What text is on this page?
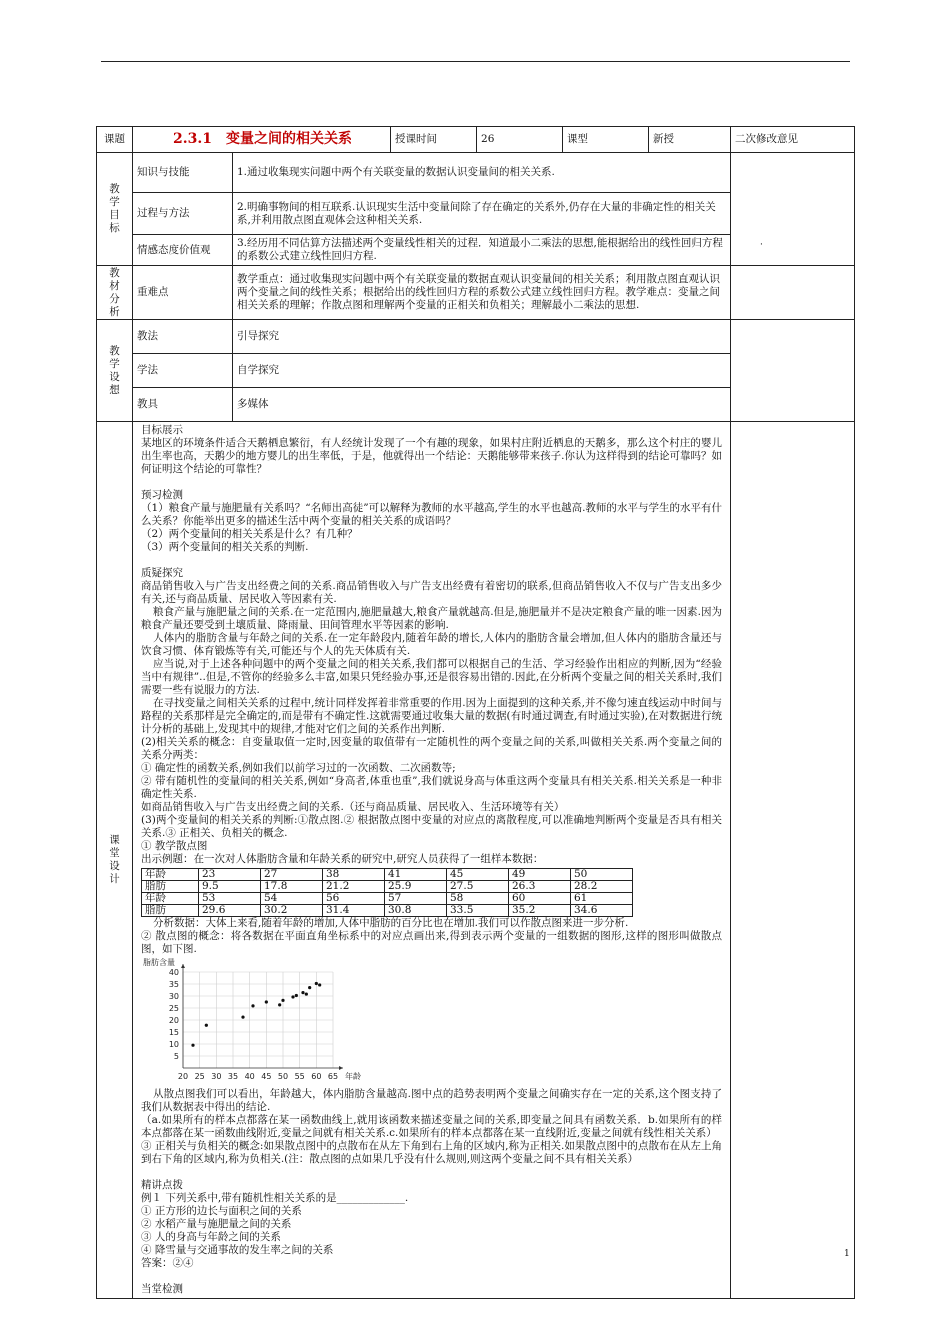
·
课题	2.3.1　变量之间的相关关系	授课时间	26	课型	新授	二次修改意见

教
学
目
标
	知识与技能	1.通过收集现实问题中两个有关联变量的数据认识变量间的相关关系.	
过程与方法	2.明确事物间的相互联系.认识现实生活中变量间除了存在确定的关系外,仍存在大量的非确定性的相关关系,并利用散点图直观体会这种相关关系.
情感态度价值观	3.经历用不同估算方法描述两个变量线性相关的过程．知道最小二乘法的思想,能根据给出的线性回归方程的系数公式建立线性回归方程.

教
材
分
析
	重难点	教学重点：通过收集现实问题中两个有关联变量的数据直观认识变量间的相关关系；利用散点图直观认识两个变量之间的线性关系；根据给出的线性回归方程的系数公式建立线性回归方程。教学难点：变量之间相关关系的理解；作散点图和理解两个变量的正相关和负相关；理解最小二乘法的思想.	

教
学
设
想
	教法	引导探究	
学法	自学探究
教具	多媒体

课
堂
设
计

目标展示

某地区的环境条件适合天鹅栖息繁衍，有人经统计发现了一个有趣的现象，如果村庄附近栖息的天鹅多，那么这个村庄的婴儿出生率也高，天鹅少的地方婴儿的出生率低，于是，他就得出一个结论：天鹅能够带来孩子.你认为这样得到的结论可靠吗？如何证明这个结论的可靠性？

预习检测

（1）粮食产量与施肥量有关系吗？“名师出高徒”可以解释为教师的水平越高,学生的水平也越高.教师的水平与学生的水平有什么关系？你能举出更多的描述生活中两个变量的相关关系的成语吗？

（2）两个变量间的相关关系是什么？有几种？

（3）两个变量间的相关关系的判断.

质疑探究

商品销售收入与广告支出经费之间的关系.商品销售收入与广告支出经费有着密切的联系,但商品销售收入不仅与广告支出多少有关,还与商品质量、居民收入等因素有关.

粮食产量与施肥量之间的关系.在一定范围内,施肥量越大,粮食产量就越高.但是,施肥量并不是决定粮食产量的唯一因素.因为粮食产量还要受到土壤质量、降雨量、田间管理水平等因素的影响.

人体内的脂肪含量与年龄之间的关系.在一定年龄段内,随着年龄的增长,人体内的脂肪含量会增加,但人体内的脂肪含量还与饮食习惯、体育锻炼等有关,可能还与个人的先天体质有关.

应当说,对于上述各种问题中的两个变量之间的相关关系,我们都可以根据自己的生活、学习经验作出相应的判断,因为“经验当中有规律”..但是,不管你的经验多么丰富,如果只凭经验办事,还是很容易出错的.因此,在分析两个变量之间的相关关系时,我们需要一些有说服力的方法.

在寻找变量之间相关关系的过程中,统计同样发挥着非常重要的作用.因为上面提到的这种关系,并不像匀速直线运动中时间与路程的关系那样是完全确定的,而是带有不确定性.这就需要通过收集大量的数据(有时通过调查,有时通过实验),在对数据进行统计分析的基础上,发现其中的规律,才能对它们之间的关系作出判断.

(2)相关关系的概念：自变量取值一定时,因变量的取值带有一定随机性的两个变量之间的关系,叫做相关关系.两个变量之间的关系分两类：

① 确定性的函数关系,例如我们以前学习过的一次函数、二次函数等;

② 带有随机性的变量间的相关关系,例如“身高者,体重也重”,我们就说身高与体重这两个变量具有相关关系.相关关系是一种非确定性关系.

如商品销售收入与广告支出经费之间的关系.（还与商品质量、居民收入、生活环境等有关）

(3)两个变量间的相关关系的判断:①散点图.② 根据散点图中变量的对应点的离散程度,可以准确地判断两个变量是否具有相关关系.③ 正相关、负相关的概念.

① 教学散点图

出示例题：在一次对人体脂肪含量和年龄关系的研究中,研究人员获得了一组样本数据：

年龄	23	27	38	41	45	49	50
脂肪	9.5	17.8	21.2	25.9	27.5	26.3	28.2
年龄	53	54	56	57	58	60	61
脂肪	29.6	30.2	31.4	30.8	33.5	35.2	34.6

分析数据：大体上来看,随着年龄的增加,人体中脂肪的百分比也在增加.我们可以作散点图来进一步分析.

② 散点图的概念：将各数据在平面直角坐标系中的对应点画出来,得到表示两个变量的一组数据的图形,这样的图形叫做散点图，如下图.

20 25 30 35 40 45 50 55 60 65
5
10
15
20
25
30
35
40
脂肪含量
年龄

从散点图我们可以看出，年龄越大，体内脂肪含量越高.图中点的趋势表明两个变量之间确实存在一定的关系,这个图支持了我们从数据表中得出的结论.

（a.如果所有的样本点都落在某一函数曲线上,就用该函数来描述变量之间的关系,即变量之间具有函数关系．b.如果所有的样本点都落在某一函数曲线附近,变量之间就有相关关系.c.如果所有的样本点都落在某一直线附近,变量之间就有线性相关关系）

③ 正相关与负相关的概念:如果散点图中的点散布在从左下角到右上角的区域内,称为正相关.如果散点图中的点散布在从左上角到右下角的区域内,称为负相关.(注：散点图的点如果几乎没有什么规则,则这两个变量之间不具有相关关系）

精讲点拨

例１ 下列关系中,带有随机性相关关系的是_____________.

① 正方形的边长与面积之间的关系

② 水稻产量与施肥量之间的关系

③ 人的身高与年龄之间的关系

④ 降雪量与交通事故的发生率之间的关系

答案：②④

当堂检测

1
